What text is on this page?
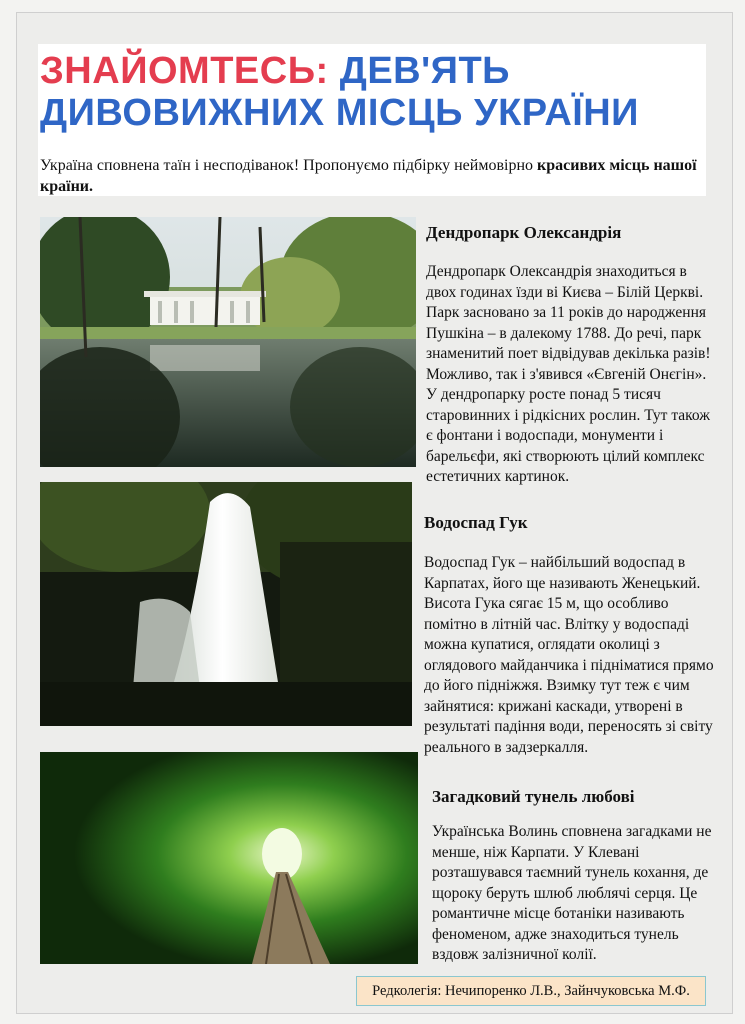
ЗНАЙОМТЕСЬ: ДЕВ'ЯТЬ
ДИВОВИЖНИХ МІСЦЬ УКРАЇНИ

Україна сповнена таїн і несподіванок! Пропонуємо підбірку неймовірно красивих місць нашої країни.

Дендропарк Олександрія

Дендропарк Олександрія знаходиться в двох годинах їзди ві Києва – Білій Церкві. Парк засновано за 11 років до народження Пушкіна – в далекому 1788. До речі, парк знаменитий поет відвідував декілька разів! Можливо, так і з'явився «Євгеній Онєгін». У дендропарку росте понад 5 тисяч старовинних і рідкісних рослин. Тут також є фонтани і водоспади, монументи і барельєфи, які створюють цілий комплекс естетичних картинок.

Водоспад Гук

Водоспад Гук – найбільший водоспад в Карпатах, його ще називають Женецький. Висота Гука сягає 15 м, що особливо помітно в літній час. Влітку у водоспаді можна купатися, оглядати околиці з оглядового майданчика і підніматися прямо до його підніжжя. Взимку тут теж є чим зайнятися: крижані каскади, утворені в результаті падіння води, переносять зі світу реального в задзеркалля.

Загадковий тунель любові

Українська Волинь сповнена загадками не менше, ніж Карпати. У Клевані розташувався таємний тунель кохання, де щороку беруть шлюб люблячі серця. Це романтичне місце ботаніки називають феноменом, адже знаходиться тунель вздовж залізничної колії.

Редколегія: Нечипоренко Л.В., Зайнчуковська М.Ф.
